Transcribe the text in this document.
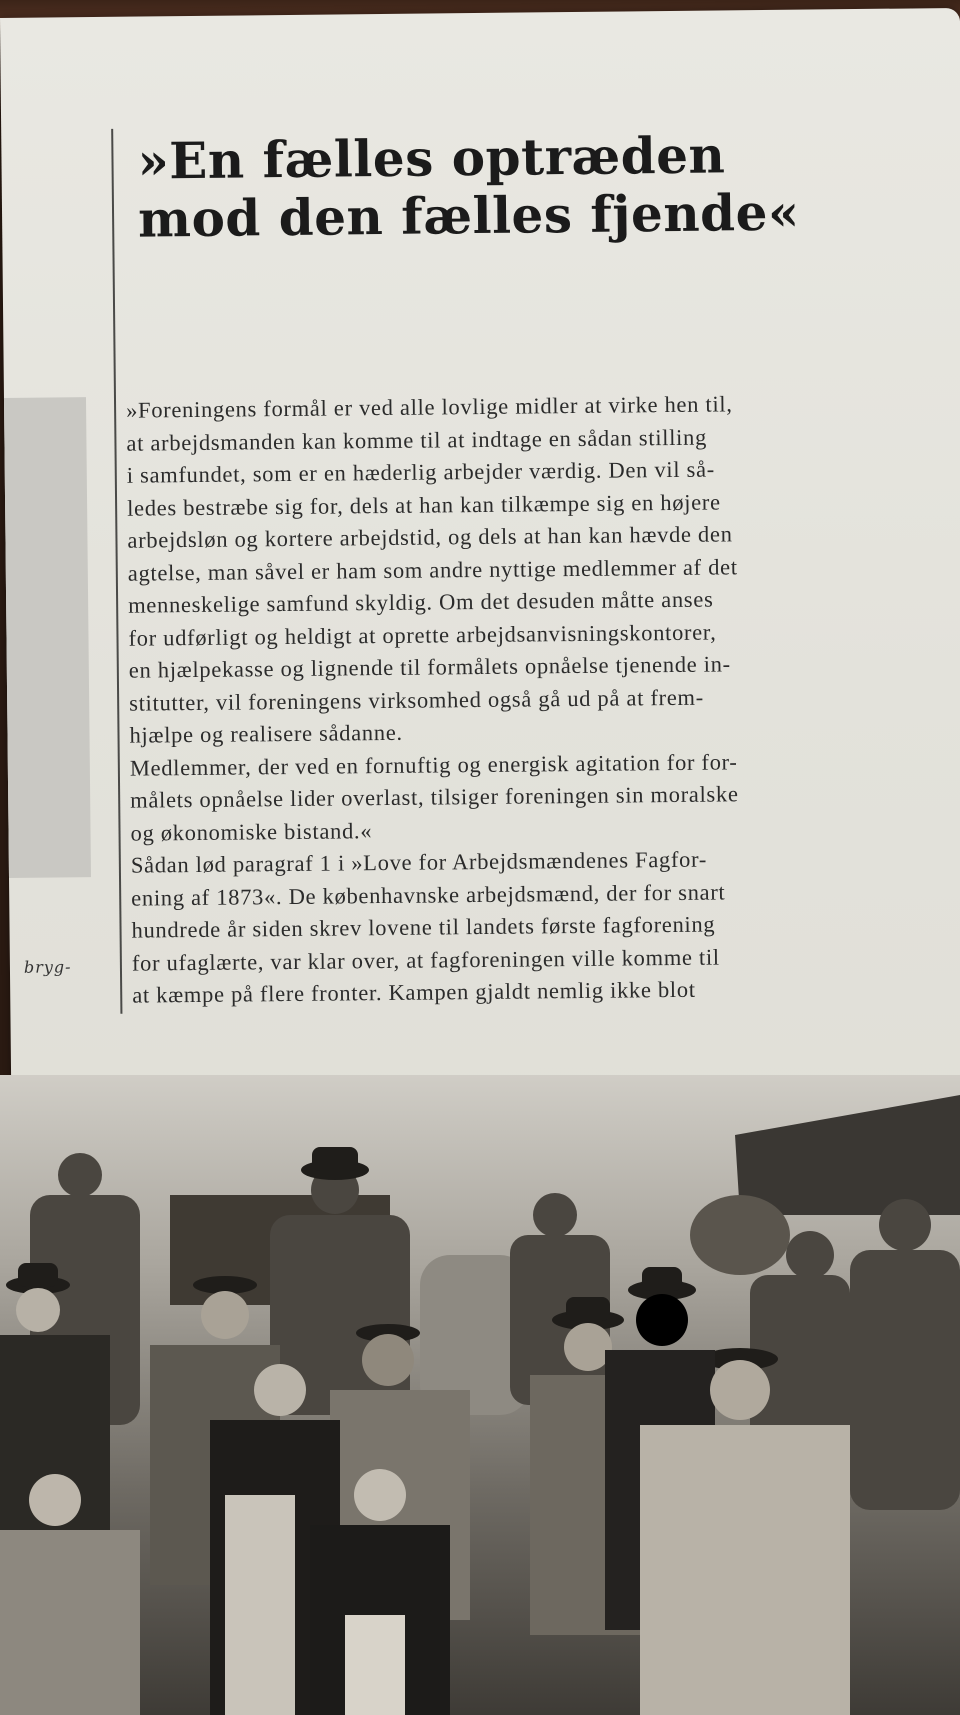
bryg-
»En fælles optræden
mod den fælles fjende«
»Foreningens formål er ved alle lovlige midler at virke hen til,
at arbejdsmanden kan komme til at indtage en sådan stilling
i samfundet, som er en hæderlig arbejder værdig. Den vil så-
ledes bestræbe sig for, dels at han kan tilkæmpe sig en højere
arbejdsløn og kortere arbejdstid, og dels at han kan hævde den
agtelse, man såvel er ham som andre nyttige medlemmer af det
menneskelige samfund skyldig. Om det desuden måtte anses
for udførligt og heldigt at oprette arbejdsanvisningskontorer,
en hjælpekasse og lignende til formålets opnåelse tjenende in-
stitutter, vil foreningens virksomhed også gå ud på at frem-
hjælpe og realisere sådanne.
Medlemmer, der ved en fornuftig og energisk agitation for for-
målets opnåelse lider overlast, tilsiger foreningen sin moralske
og økonomiske bistand.«
Sådan lød paragraf 1 i »Love for Arbejdsmændenes Fagfor-
ening af 1873«. De københavnske arbejdsmænd, der for snart
hundrede år siden skrev lovene til landets første fagforening
for ufaglærte, var klar over, at fagforeningen ville komme til
at kæmpe på flere fronter. Kampen gjaldt nemlig ikke blot
